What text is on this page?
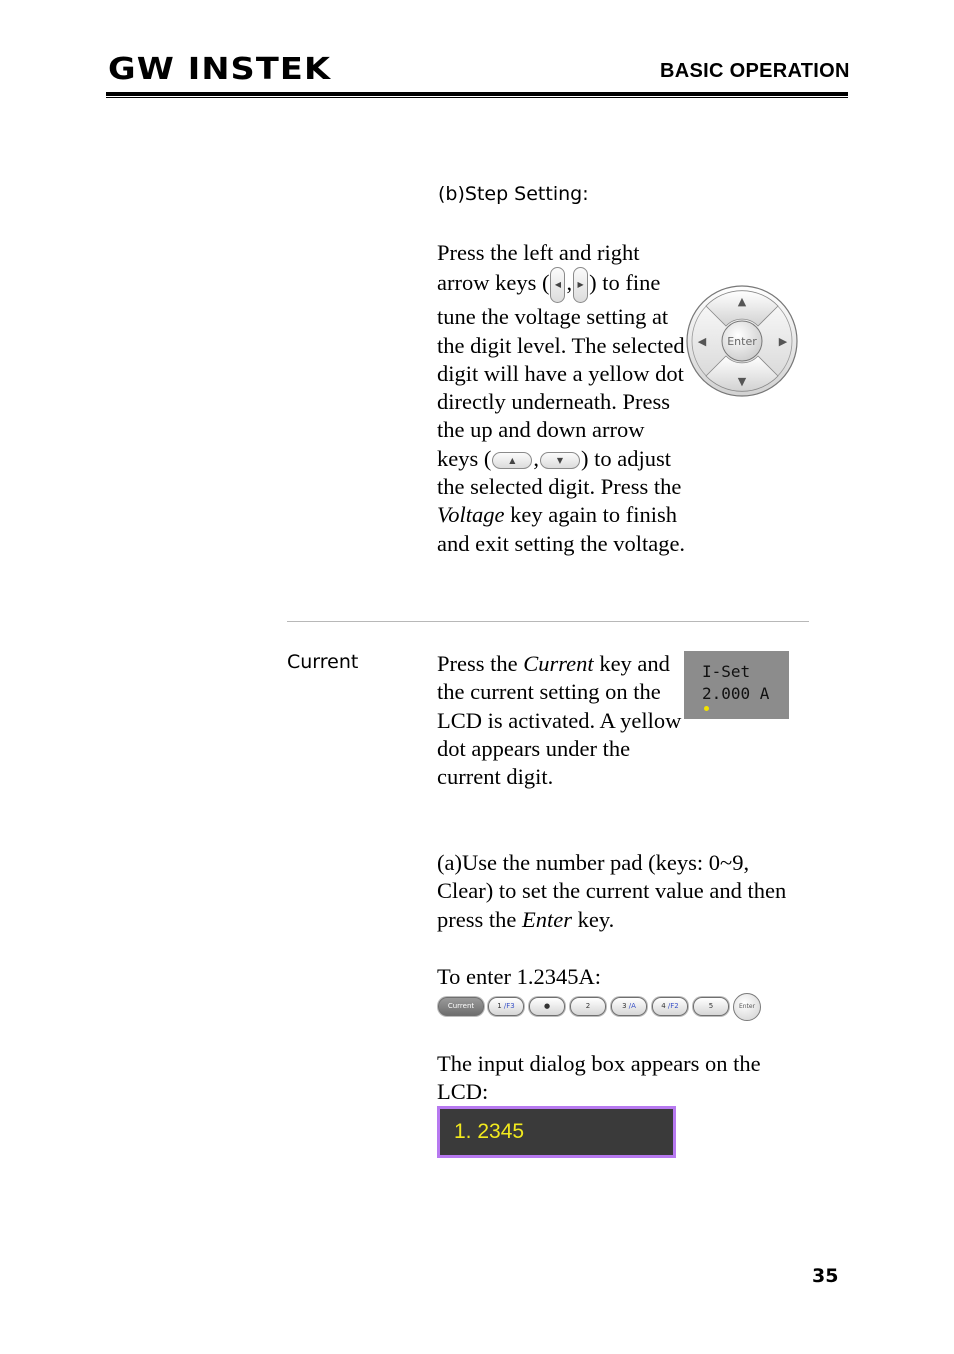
GW INSTEK	BASIC OPERATION
(b)Step Setting:
Press the left and right arrow keys ( ◀ , ▶ ) to fine tune the voltage setting at the digit level. The selected digit will have a yellow dot directly underneath. Press the up and down arrow keys ( ▲ , ▼ ) to adjust the selected digit. Press the Voltage key again to finish and exit setting the voltage.
Enter
▲
▼
◀	▶
Current	Press the Current key and the current setting on the LCD is activated. A yellow dot appears under the current digit.
I-Set
2.000 A
(a)Use the number pad (keys: 0~9, Clear) to set the current value and then press the Enter key.
To enter 1.2345A:
Current	1 /F3	●	2	3 /A	4 /F2	5	Enter
The input dialog box appears on the LCD:
1. 2345
35
